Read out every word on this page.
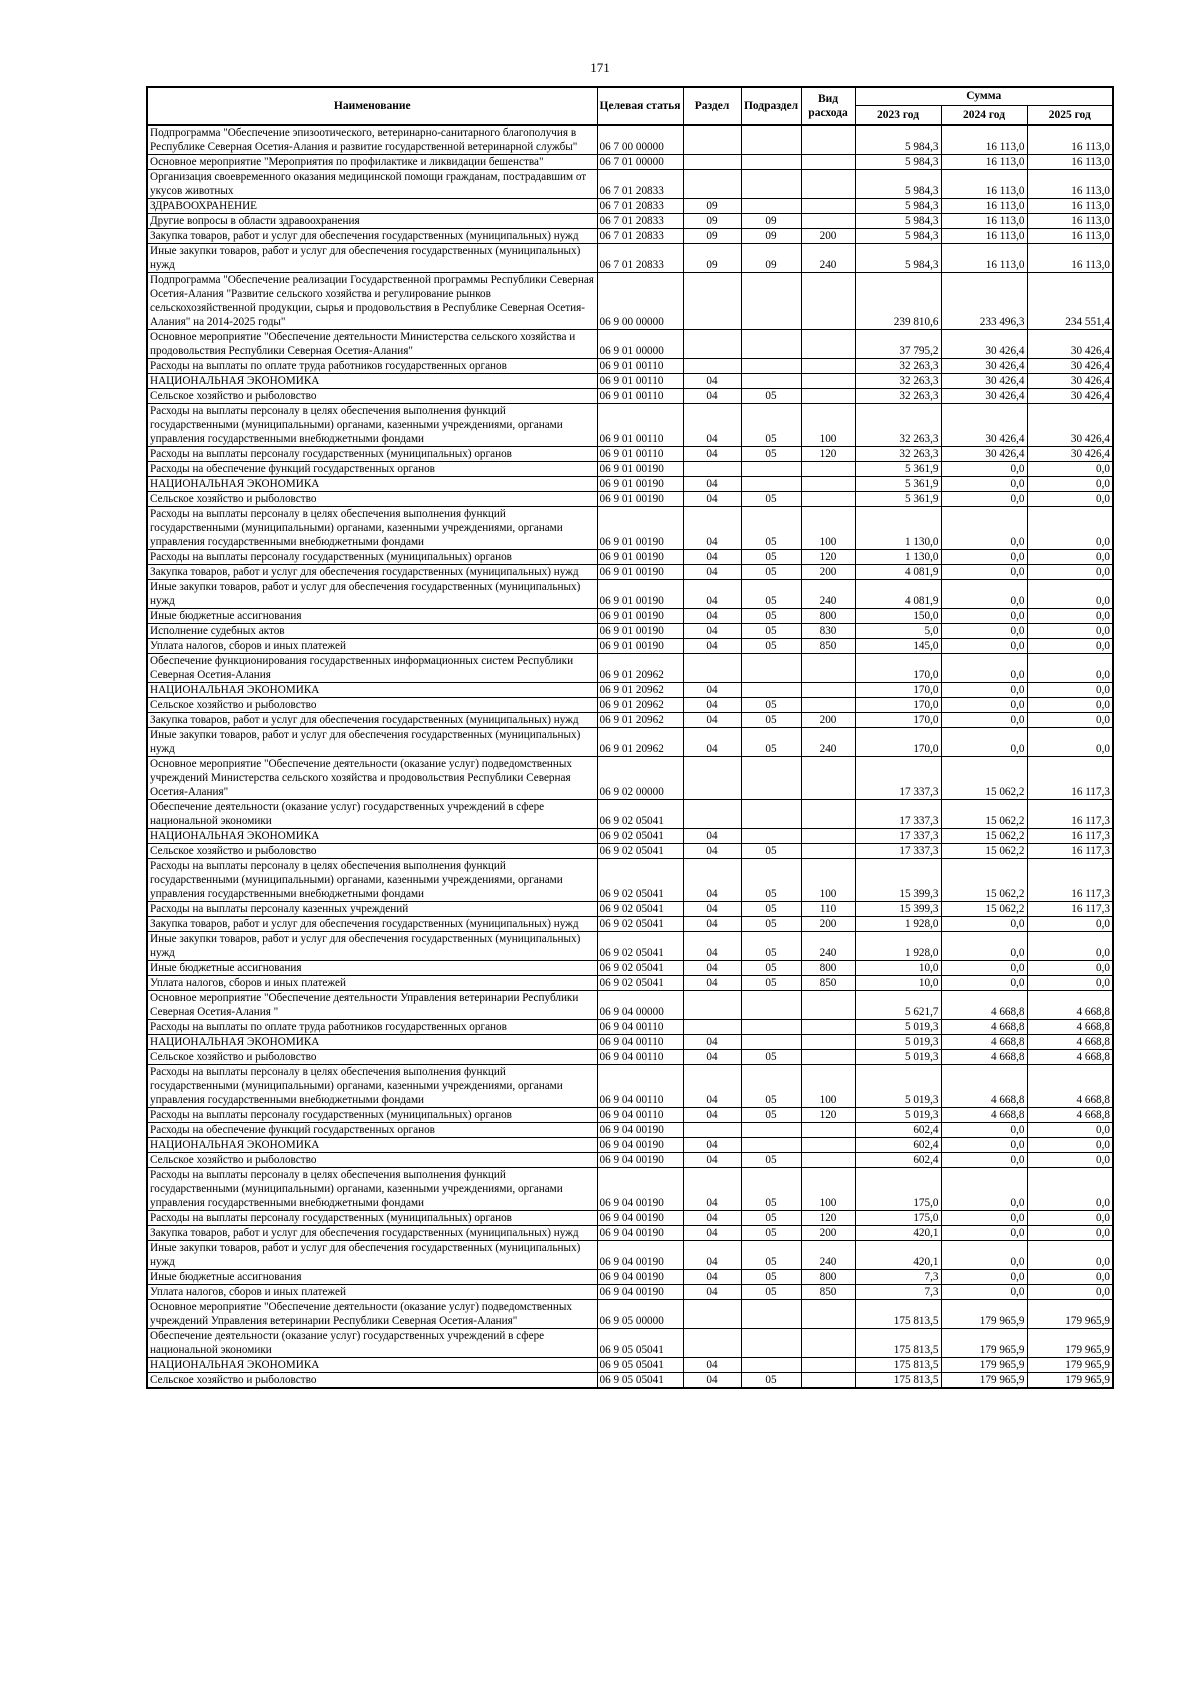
171
Наименование	Целевая статья	Раздел	Подраздел	Вид расхода	Сумма		
					2023 год	2024 год	2025 год
Подпрограмма "Обеспечение эпизоотического, ветеринарно-санитарного благополучия в Республике Северная Осетия-Алания и развитие государственной ветеринарной службы"	06 7 00 00000				5 984,3	16 113,0	16 113,0
Основное мероприятие "Мероприятия по профилактике и ликвидации бешенства"	06 7 01 00000				5 984,3	16 113,0	16 113,0
Организация своевременного оказания медицинской помощи гражданам, пострадавшим от укусов животных	06 7 01 20833				5 984,3	16 113,0	16 113,0
ЗДРАВООХРАНЕНИЕ	06 7 01 20833	09			5 984,3	16 113,0	16 113,0
Другие вопросы в области здравоохранения	06 7 01 20833	09	09		5 984,3	16 113,0	16 113,0
Закупка товаров, работ и услуг для обеспечения государственных (муниципальных) нужд	06 7 01 20833	09	09	200	5 984,3	16 113,0	16 113,0
Иные закупки товаров, работ и услуг для обеспечения государственных (муниципальных) нужд	06 7 01 20833	09	09	240	5 984,3	16 113,0	16 113,0
Подпрограмма "Обеспечение реализации Государственной программы Республики Северная Осетия-Алания "Развитие сельского хозяйства и регулирование рынков сельскохозяйственной продукции, сырья и продовольствия в Республике Северная Осетия-Алания" на 2014-2025 годы"	06 9 00 00000				239 810,6	233 496,3	234 551,4
Основное мероприятие "Обеспечение деятельности Министерства сельского хозяйства и продовольствия Республики Северная Осетия-Алания"	06 9 01 00000				37 795,2	30 426,4	30 426,4
Расходы на выплаты по оплате труда работников государственных органов	06 9 01 00110				32 263,3	30 426,4	30 426,4
НАЦИОНАЛЬНАЯ ЭКОНОМИКА	06 9 01 00110	04			32 263,3	30 426,4	30 426,4
Сельское хозяйство и рыболовство	06 9 01 00110	04	05		32 263,3	30 426,4	30 426,4
Расходы на выплаты персоналу в целях обеспечения выполнения функций государственными (муниципальными) органами, казенными учреждениями, органами управления государственными внебюджетными фондами	06 9 01 00110	04	05	100	32 263,3	30 426,4	30 426,4
Расходы на выплаты персоналу государственных (муниципальных) органов	06 9 01 00110	04	05	120	32 263,3	30 426,4	30 426,4
Расходы на обеспечение функций государственных органов	06 9 01 00190				5 361,9	0,0	0,0
НАЦИОНАЛЬНАЯ ЭКОНОМИКА	06 9 01 00190	04			5 361,9	0,0	0,0
Сельское хозяйство и рыболовство	06 9 01 00190	04	05		5 361,9	0,0	0,0
Расходы на выплаты персоналу в целях обеспечения выполнения функций государственными (муниципальными) органами, казенными учреждениями, органами управления государственными внебюджетными фондами	06 9 01 00190	04	05	100	1 130,0	0,0	0,0
Расходы на выплаты персоналу государственных (муниципальных) органов	06 9 01 00190	04	05	120	1 130,0	0,0	0,0
Закупка товаров, работ и услуг для обеспечения государственных (муниципальных) нужд	06 9 01 00190	04	05	200	4 081,9	0,0	0,0
Иные закупки товаров, работ и услуг для обеспечения государственных (муниципальных) нужд	06 9 01 00190	04	05	240	4 081,9	0,0	0,0
Иные бюджетные ассигнования	06 9 01 00190	04	05	800	150,0	0,0	0,0
Исполнение судебных актов	06 9 01 00190	04	05	830	5,0	0,0	0,0
Уплата налогов, сборов и иных платежей	06 9 01 00190	04	05	850	145,0	0,0	0,0
Обеспечение функционирования государственных информационных систем Республики Северная Осетия-Алания	06 9 01 20962				170,0	0,0	0,0
НАЦИОНАЛЬНАЯ ЭКОНОМИКА	06 9 01 20962	04			170,0	0,0	0,0
Сельское хозяйство и рыболовство	06 9 01 20962	04	05		170,0	0,0	0,0
Закупка товаров, работ и услуг для обеспечения государственных (муниципальных) нужд	06 9 01 20962	04	05	200	170,0	0,0	0,0
Иные закупки товаров, работ и услуг для обеспечения государственных (муниципальных) нужд	06 9 01 20962	04	05	240	170,0	0,0	0,0
Основное мероприятие "Обеспечение деятельности (оказание услуг) подведомственных учреждений Министерства сельского хозяйства и продовольствия Республики Северная Осетия-Алания"	06 9 02 00000				17 337,3	15 062,2	16 117,3
Обеспечение деятельности (оказание услуг) государственных учреждений в сфере национальной экономики	06 9 02 05041				17 337,3	15 062,2	16 117,3
НАЦИОНАЛЬНАЯ ЭКОНОМИКА	06 9 02 05041	04			17 337,3	15 062,2	16 117,3
Сельское хозяйство и рыболовство	06 9 02 05041	04	05		17 337,3	15 062,2	16 117,3
Расходы на выплаты персоналу в целях обеспечения выполнения функций государственными (муниципальными) органами, казенными учреждениями, органами управления государственными внебюджетными фондами	06 9 02 05041	04	05	100	15 399,3	15 062,2	16 117,3
Расходы на выплаты персоналу казенных учреждений	06 9 02 05041	04	05	110	15 399,3	15 062,2	16 117,3
Закупка товаров, работ и услуг для обеспечения государственных (муниципальных) нужд	06 9 02 05041	04	05	200	1 928,0	0,0	0,0
Иные закупки товаров, работ и услуг для обеспечения государственных (муниципальных) нужд	06 9 02 05041	04	05	240	1 928,0	0,0	0,0
Иные бюджетные ассигнования	06 9 02 05041	04	05	800	10,0	0,0	0,0
Уплата налогов, сборов и иных платежей	06 9 02 05041	04	05	850	10,0	0,0	0,0
Основное мероприятие "Обеспечение деятельности Управления ветеринарии Республики Северная Осетия-Алания "	06 9 04 00000				5 621,7	4 668,8	4 668,8
Расходы на выплаты по оплате труда работников государственных органов	06 9 04 00110				5 019,3	4 668,8	4 668,8
НАЦИОНАЛЬНАЯ ЭКОНОМИКА	06 9 04 00110	04			5 019,3	4 668,8	4 668,8
Сельское хозяйство и рыболовство	06 9 04 00110	04	05		5 019,3	4 668,8	4 668,8
Расходы на выплаты персоналу в целях обеспечения выполнения функций государственными (муниципальными) органами, казенными учреждениями, органами управления государственными внебюджетными фондами	06 9 04 00110	04	05	100	5 019,3	4 668,8	4 668,8
Расходы на выплаты персоналу государственных (муниципальных) органов	06 9 04 00110	04	05	120	5 019,3	4 668,8	4 668,8
Расходы на обеспечение функций государственных органов	06 9 04 00190				602,4	0,0	0,0
НАЦИОНАЛЬНАЯ ЭКОНОМИКА	06 9 04 00190	04			602,4	0,0	0,0
Сельское хозяйство и рыболовство	06 9 04 00190	04	05		602,4	0,0	0,0
Расходы на выплаты персоналу в целях обеспечения выполнения функций государственными (муниципальными) органами, казенными учреждениями, органами управления государственными внебюджетными фондами	06 9 04 00190	04	05	100	175,0	0,0	0,0
Расходы на выплаты персоналу государственных (муниципальных) органов	06 9 04 00190	04	05	120	175,0	0,0	0,0
Закупка товаров, работ и услуг для обеспечения государственных (муниципальных) нужд	06 9 04 00190	04	05	200	420,1	0,0	0,0
Иные закупки товаров, работ и услуг для обеспечения государственных (муниципальных) нужд	06 9 04 00190	04	05	240	420,1	0,0	0,0
Иные бюджетные ассигнования	06 9 04 00190	04	05	800	7,3	0,0	0,0
Уплата налогов, сборов и иных платежей	06 9 04 00190	04	05	850	7,3	0,0	0,0
Основное мероприятие "Обеспечение деятельности (оказание услуг) подведомственных учреждений Управления ветеринарии Республики Северная Осетия-Алания"	06 9 05 00000				175 813,5	179 965,9	179 965,9
Обеспечение деятельности (оказание услуг) государственных учреждений в сфере национальной экономики	06 9 05 05041				175 813,5	179 965,9	179 965,9
НАЦИОНАЛЬНАЯ ЭКОНОМИКА	06 9 05 05041	04			175 813,5	179 965,9	179 965,9
Сельское хозяйство и рыболовство	06 9 05 05041	04	05		175 813,5	179 965,9	179 965,9
